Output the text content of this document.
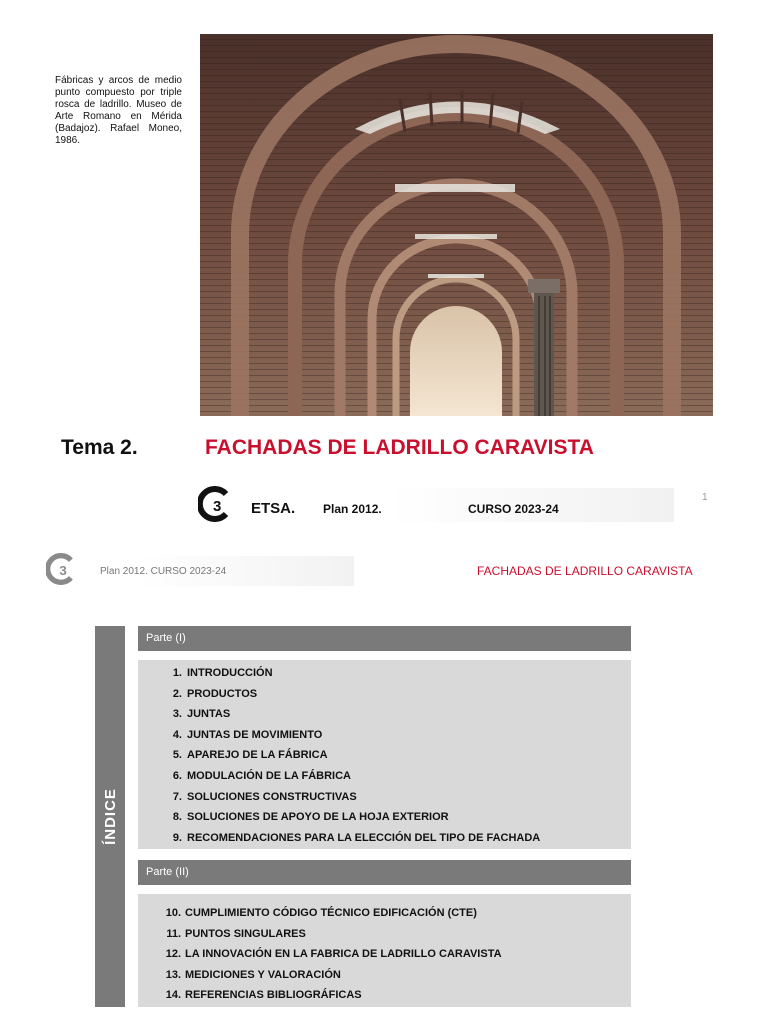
Fábricas y arcos de medio punto compuesto por triple rosca de ladrillo. Museo de Arte Romano en Mérida (Badajoz). Rafael Moneo, 1986.
Tema 2.	FACHADAS DE LADRILLO CARAVISTA
3 ETSA. Plan 2012.	CURSO 2023-24
1
3	Plan 2012. CURSO 2023-24	FACHADAS DE LADRILLO CARAVISTA
ÍNDICE
Parte (I)
1. INTRODUCCIÓN
2. PRODUCTOS
3. JUNTAS
4. JUNTAS DE MOVIMIENTO
5. APAREJO DE LA FÁBRICA
6. MODULACIÓN DE LA FÁBRICA
7. SOLUCIONES CONSTRUCTIVAS
8. SOLUCIONES DE APOYO DE LA HOJA EXTERIOR
9. RECOMENDACIONES PARA LA ELECCIÓN DEL TIPO DE FACHADA
Parte (II)
10. CUMPLIMIENTO CÓDIGO TÉCNICO EDIFICACIÓN (CTE)
11. PUNTOS SINGULARES
12. LA INNOVACIÓN EN LA FABRICA DE LADRILLO CARAVISTA
13. MEDICIONES Y VALORACIÓN
14. REFERENCIAS BIBLIOGRÁFICAS
